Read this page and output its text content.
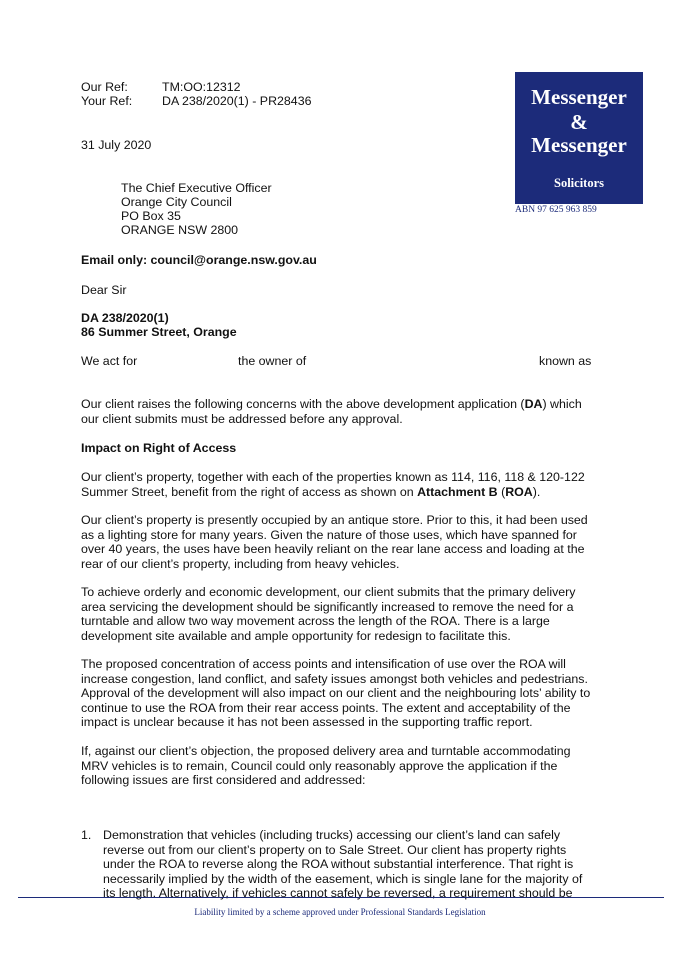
Our Ref:	TM:OO:12312
Your Ref: DA 238/2020(1) - PR28436	Messenger
&
Messenger
Solicitors
ABN 97 625 963 859
31 July 2020
The Chief Executive Officer
Orange City Council
PO Box 35
ORANGE NSW 2800
Email only: council@orange.nsw.gov.au
Dear Sir
DA 238/2020(1)
86 Summer Street, Orange
We act for	the owner of	known as
Our client raises the following concerns with the above development application (DA) which
our client submits must be addressed before any approval.
Impact on Right of Access
Our client’s property, together with each of the properties known as 114, 116, 118 & 120-122
Summer Street, benefit from the right of access as shown on Attachment B (ROA).
Our client’s property is presently occupied by an antique store. Prior to this, it had been used
as a lighting store for many years. Given the nature of those uses, which have spanned for
over 40 years, the uses have been heavily reliant on the rear lane access and loading at the
rear of our client’s property, including from heavy vehicles.
To achieve orderly and economic development, our client submits that the primary delivery
area servicing the development should be significantly increased to remove the need for a
turntable and allow two way movement across the length of the ROA. There is a large
development site available and ample opportunity for redesign to facilitate this.
The proposed concentration of access points and intensification of use over the ROA will
increase congestion, land conflict, and safety issues amongst both vehicles and pedestrians.
Approval of the development will also impact on our client and the neighbouring lots’ ability to
continue to use the ROA from their rear access points. The extent and acceptability of the
impact is unclear because it has not been assessed in the supporting traffic report.
If, against our client’s objection, the proposed delivery area and turntable accommodating
MRV vehicles is to remain, Council could only reasonably approve the application if the
following issues are first considered and addressed:
1. Demonstration that vehicles (including trucks) accessing our client’s land can safely
reverse out from our client’s property on to Sale Street. Our client has property rights
under the ROA to reverse along the ROA without substantial interference. That right is
necessarily implied by the width of the easement, which is single lane for the majority of
its length. Alternatively, if vehicles cannot safely be reversed, a requirement should be
Liability limited by a scheme approved under Professional Standards Legislation
